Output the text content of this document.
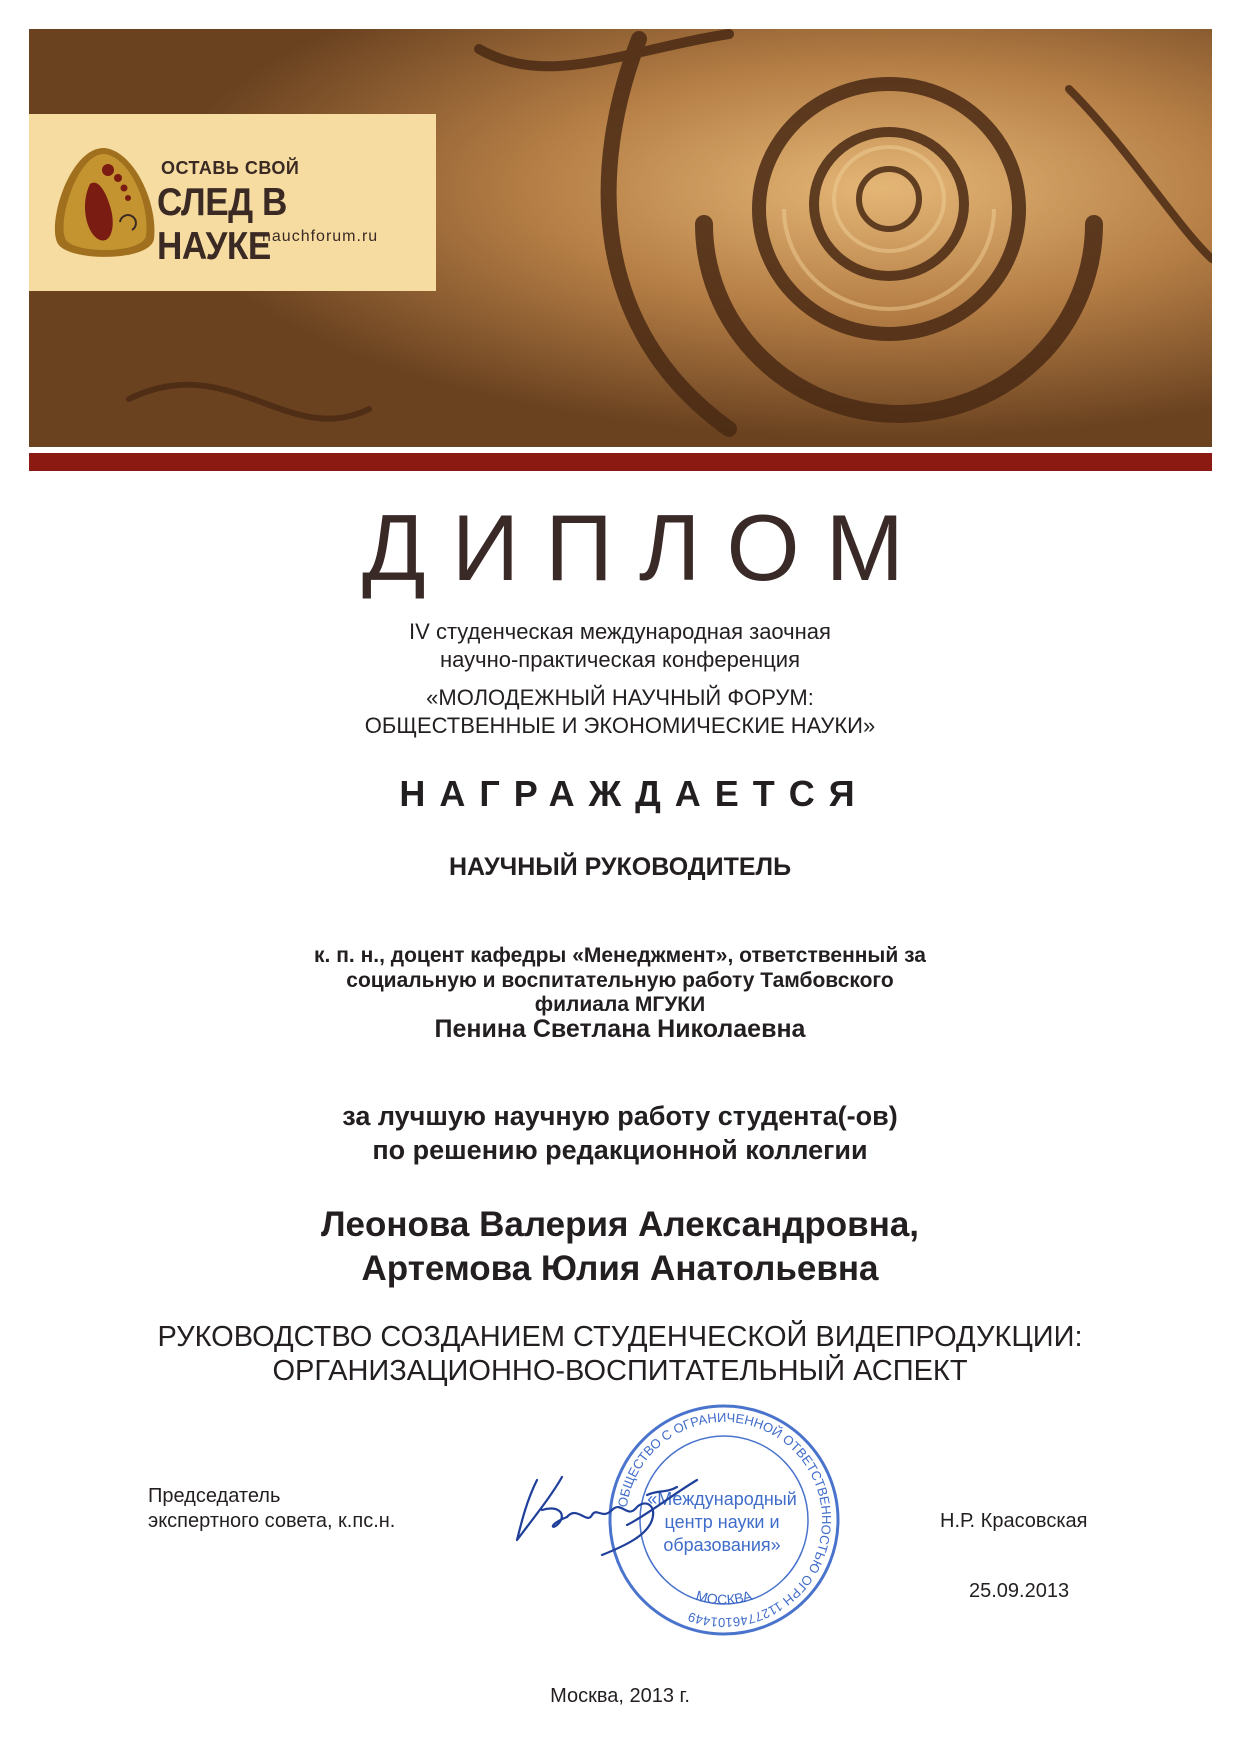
ОСТАВЬ СВОЙ
СЛЕД В НАУКЕ
nauchforum.ru
ДИПЛОМ
IV студенческая международная заочная
научно-практическая конференция
«МОЛОДЕЖНЫЙ НАУЧНЫЙ ФОРУМ:
ОБЩЕСТВЕННЫЕ И ЭКОНОМИЧЕСКИЕ НАУКИ»
НАГРАЖДАЕТСЯ
НАУЧНЫЙ РУКОВОДИТЕЛЬ
к. п. н., доцент кафедры «Менеджмент», ответственный за
социальную и воспитательную работу Тамбовского
филиала МГУКИ
Пенина Светлана Николаевна
за лучшую научную работу студента(-ов)
по решению редакционной коллегии
Леонова Валерия Александровна,
Артемова Юлия Анатольевна
РУКОВОДСТВО СОЗДАНИЕМ СТУДЕНЧЕСКОЙ ВИДЕПРОДУКЦИИ:
ОРГАНИЗАЦИОННО-ВОСПИТАТЕЛЬНЫЙ АСПЕКТ
Председатель
экспертного совета, к.пс.н.	Н.Р. Красовская
25.09.2013
ОБЩЕСТВО С ОГРАНИЧЕННОЙ ОТВЕТСТВЕННОСТЬЮ ОГРН 1127746101449
МОСКВА
«Международный
центр науки и
образования»
Москва, 2013 г.
